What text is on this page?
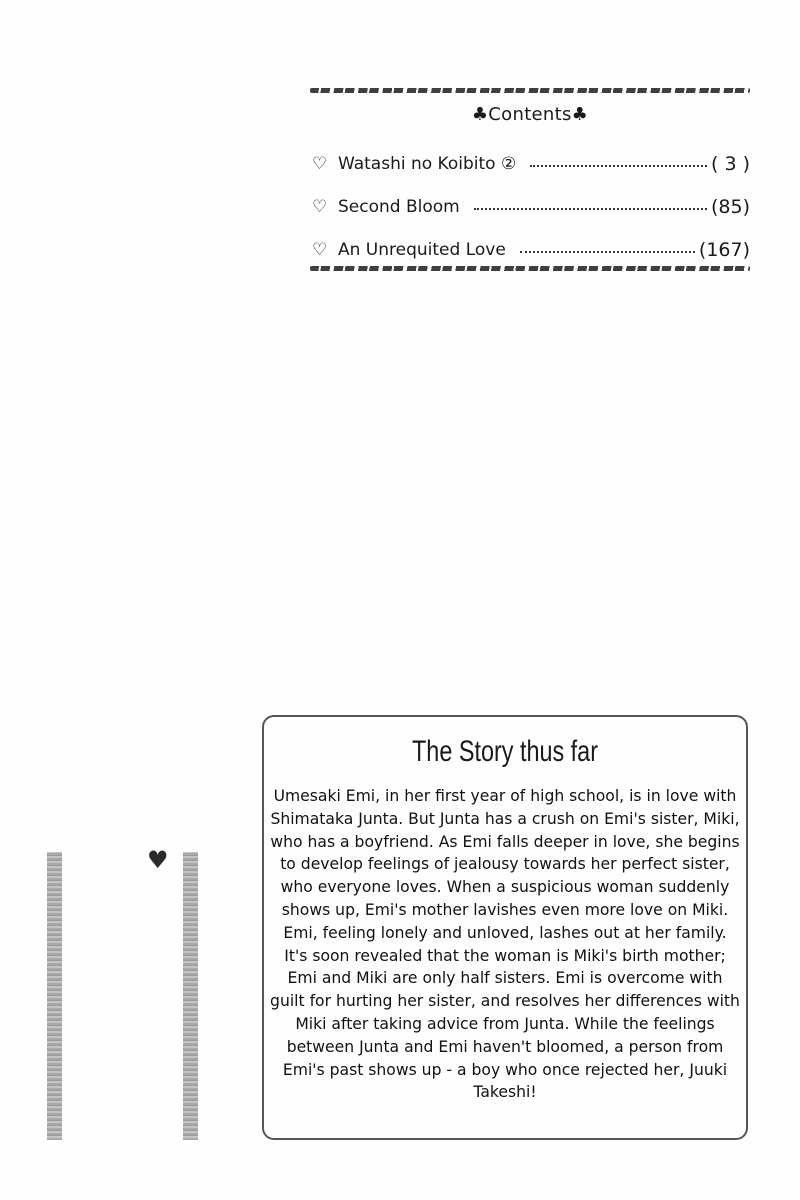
♣Contents♣
♡ Watashi no Koibito ②	( 3 )
♡ Second Bloom	(85)
♡ An Unrequited Love	(167)
♥
The Story thus far
Umesaki Emi, in her first year of high school, is in love with Shimataka Junta. But Junta has a crush on Emi's sister, Miki, who has a boyfriend. As Emi falls deeper in love, she begins to develop feelings of jealousy towards her perfect sister, who everyone loves. When a suspicious woman suddenly shows up, Emi's mother lavishes even more love on Miki. Emi, feeling lonely and unloved, lashes out at her family. It's soon revealed that the woman is Miki's birth mother; Emi and Miki are only half sisters. Emi is overcome with guilt for hurting her sister, and resolves her differences with Miki after taking advice from Junta. While the feelings between Junta and Emi haven't bloomed, a person from Emi's past shows up - a boy who once rejected her, Juuki Takeshi!
